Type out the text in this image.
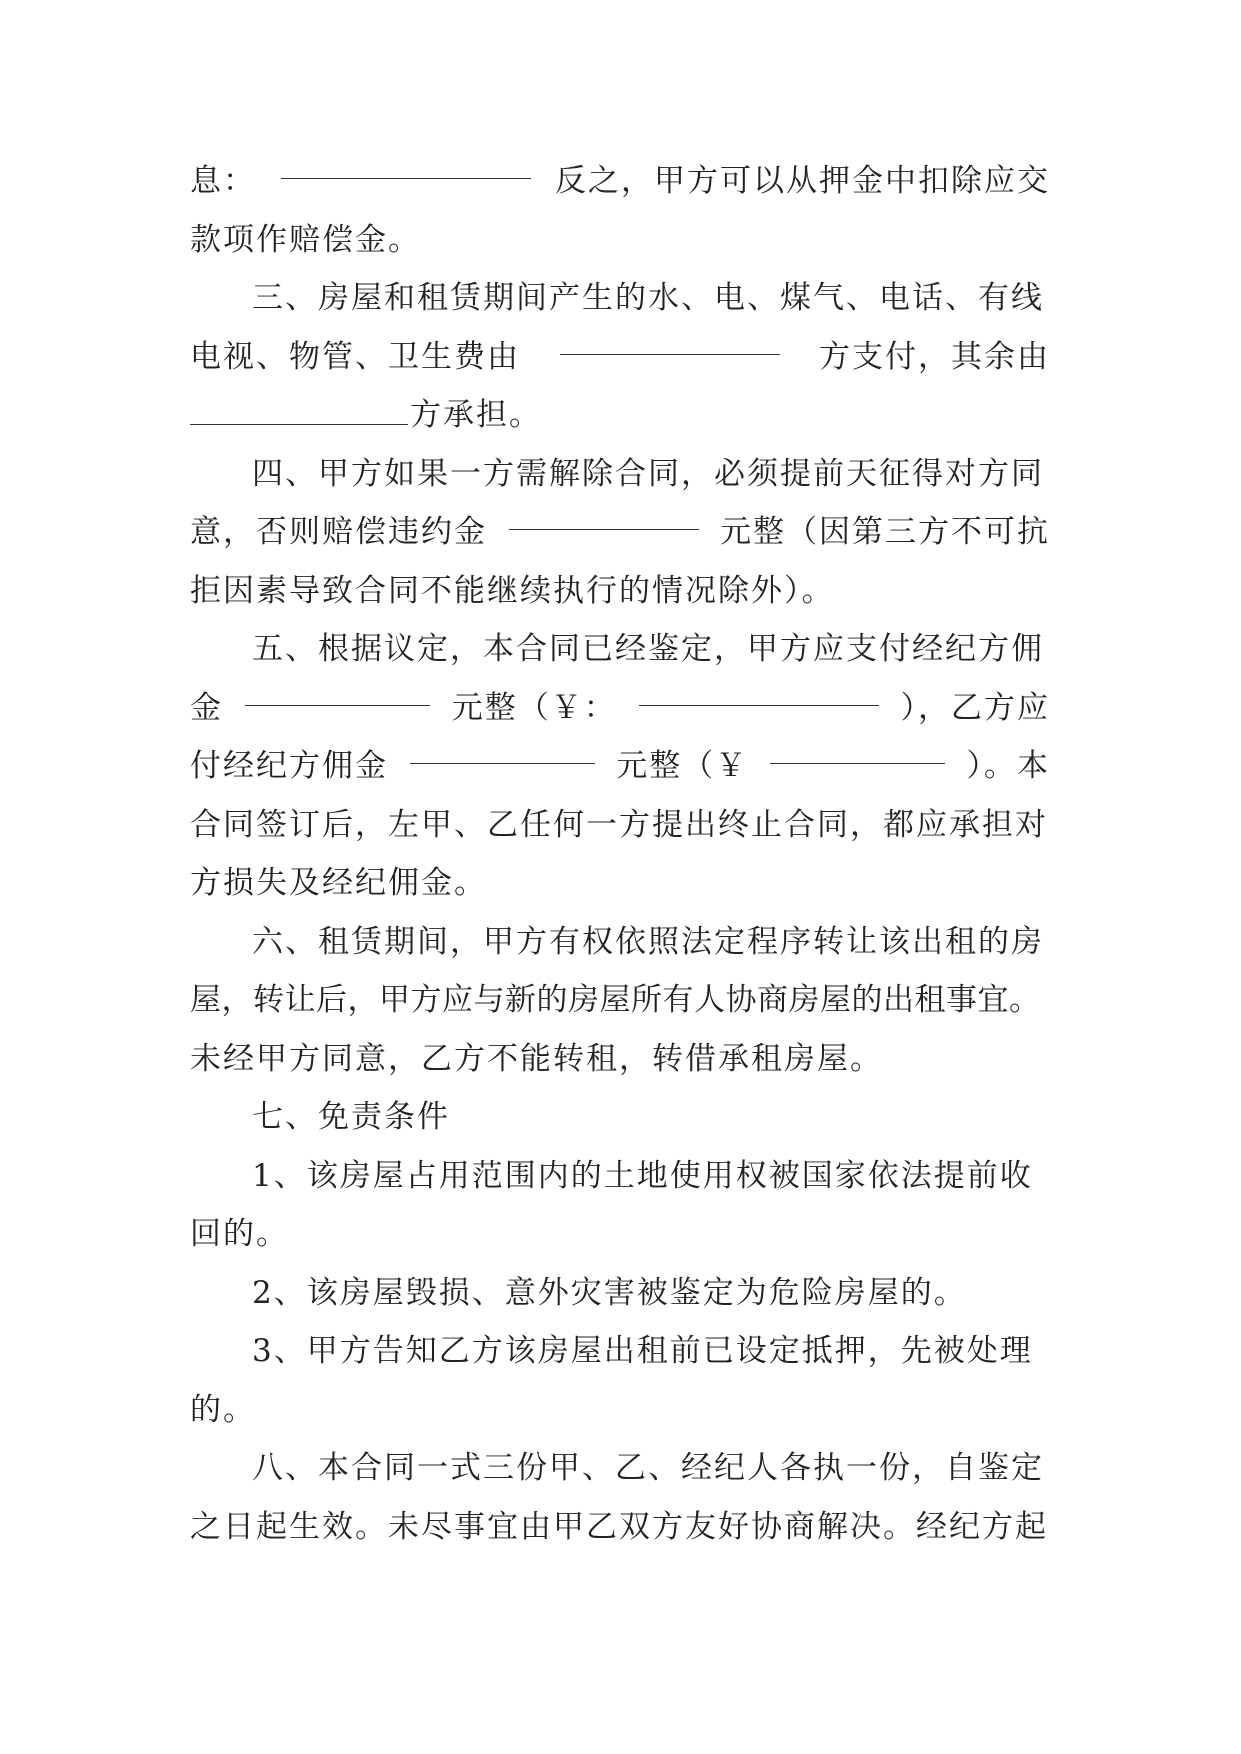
息：	反之，甲方可以从押金中扣除应交
款项作赔偿金。
三、房屋和租赁期间产生的水、电、煤气、电话、有线
电视、物管、卫生费由	方支付，其余由
方承担。
四、甲方如果一方需解除合同，必须提前天征得对方同
意，否则赔偿违约金	元整（因第三方不可抗
拒因素导致合同不能继续执行的情况除外）。
五、根据议定，本合同已经鉴定，甲方应支付经纪方佣
金	元整（￥：	），乙方应
付经纪方佣金	元整（￥	）。本
合同签订后，左甲、乙任何一方提出终止合同，都应承担对
方损失及经纪佣金。
六、租赁期间，甲方有权依照法定程序转让该出租的房
屋，转让后，甲方应与新的房屋所有人协商房屋的出租事宜。
未经甲方同意，乙方不能转租，转借承租房屋。
七、免责条件
1、该房屋占用范围内的土地使用权被国家依法提前收
回的。
2、该房屋毁损、意外灾害被鉴定为危险房屋的。
3、甲方告知乙方该房屋出租前已设定抵押，先被处理
的。
八、本合同一式三份甲、乙、经纪人各执一份，自鉴定
之日起生效。未尽事宜由甲乙双方友好协商解决。经纪方起
